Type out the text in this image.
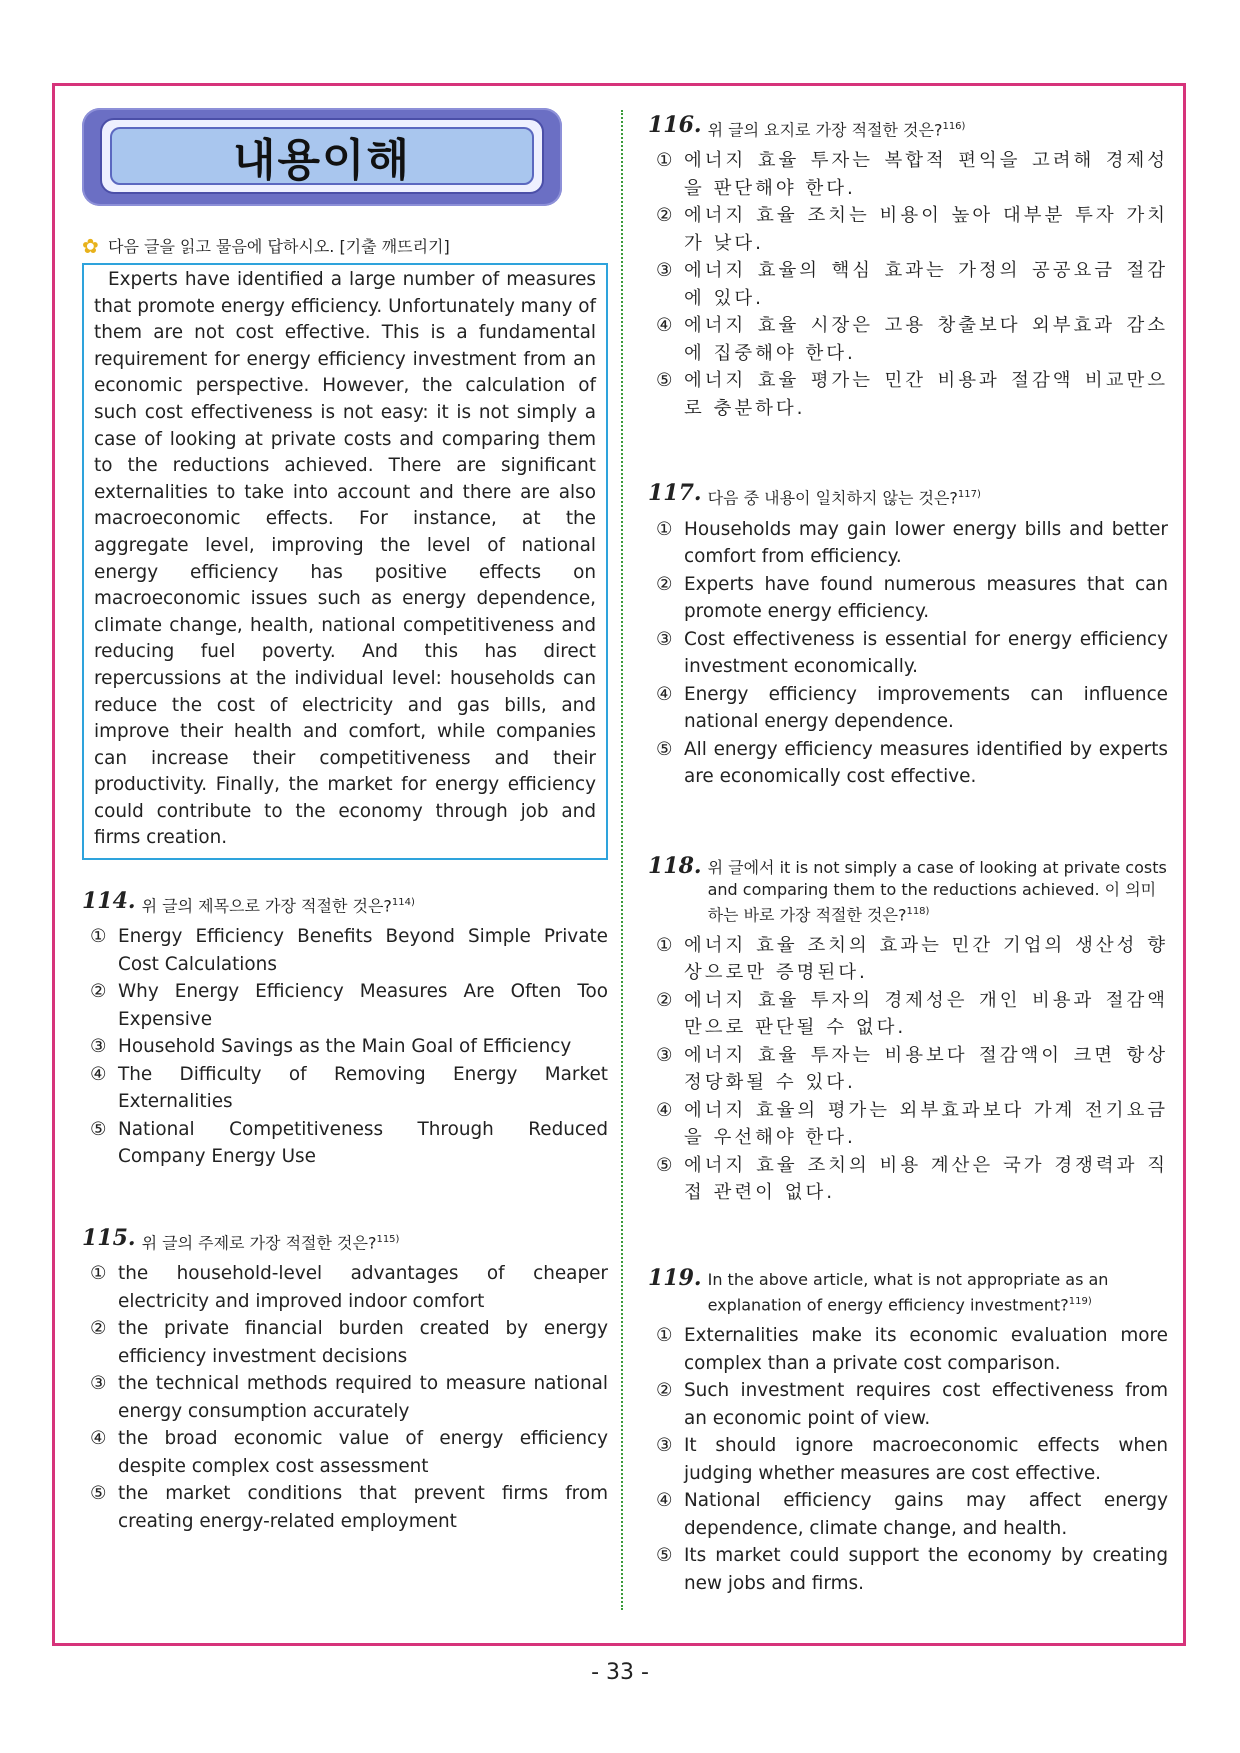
내용이해
✿ 다음 글을 읽고 물음에 답하시오. [기출 깨뜨리기]
Experts have identified a large number of measures that promote energy efficiency. Unfortunately many of them are not cost effective. This is a fundamental requirement for energy efficiency investment from an economic perspective. However, the calculation of such cost effectiveness is not easy: it is not simply a case of looking at private costs and comparing them to the reductions achieved. There are significant externalities to take into account and there are also macroeconomic effects. For instance, at the aggregate level, improving the level of national energy efficiency has positive effects on macroeconomic issues such as energy dependence, climate change, health, national competitiveness and reducing fuel poverty. And this has direct repercussions at the individual level: households can reduce the cost of electricity and gas bills, and improve their health and comfort, while companies can increase their competitiveness and their productivity. Finally, the market for energy efficiency could contribute to the economy through job and firms creation.
114. 위 글의 제목으로 가장 적절한 것은?$^{114)}$
① Energy Efficiency Benefits Beyond Simple Private Cost Calculations
② Why Energy Efficiency Measures Are Often Too Expensive
③ Household Savings as the Main Goal of Efficiency
④ The Difficulty of Removing Energy Market Externalities
⑤ National Competitiveness Through Reduced Company Energy Use
115. 위 글의 주제로 가장 적절한 것은?$^{115)}$
① the household-level advantages of cheaper electricity and improved indoor comfort
② the private financial burden created by energy efficiency investment decisions
③ the technical methods required to measure national energy consumption accurately
④ the broad economic value of energy efficiency despite complex cost assessment
⑤ the market conditions that prevent firms from creating energy-related employment
116. 위 글의 요지로 가장 적절한 것은?$^{116)}$
① 에너지 효율 투자는 복합적 편익을 고려해 경제성을 판단해야 한다.
② 에너지 효율 조치는 비용이 높아 대부분 투자 가치가 낮다.
③ 에너지 효율의 핵심 효과는 가정의 공공요금 절감에 있다.
④ 에너지 효율 시장은 고용 창출보다 외부효과 감소에 집중해야 한다.
⑤ 에너지 효율 평가는 민간 비용과 절감액 비교만으로 충분하다.
117. 다음 중 내용이 일치하지 않는 것은?$^{117)}$
① Households may gain lower energy bills and better comfort from efficiency.
② Experts have found numerous measures that can promote energy efficiency.
③ Cost effectiveness is essential for energy efficiency investment economically.
④ Energy efficiency improvements can influence national energy dependence.
⑤ All energy efficiency measures identified by experts are economically cost effective.
118. 위 글에서 it is not simply a case of looking at private costs and comparing them to the reductions achieved. 이 의미하는 바로 가장 적절한 것은?$^{118)}$
① 에너지 효율 조치의 효과는 민간 기업의 생산성 향상으로만 증명된다.
② 에너지 효율 투자의 경제성은 개인 비용과 절감액만으로 판단될 수 없다.
③ 에너지 효율 투자는 비용보다 절감액이 크면 항상 정당화될 수 있다.
④ 에너지 효율의 평가는 외부효과보다 가계 전기요금을 우선해야 한다.
⑤ 에너지 효율 조치의 비용 계산은 국가 경쟁력과 직접 관련이 없다.
119. In the above article, what is not appropriate as an explanation of energy efficiency investment?$^{119)}$
① Externalities make its economic evaluation more complex than a private cost comparison.
② Such investment requires cost effectiveness from an economic point of view.
③ It should ignore macroeconomic effects when judging whether measures are cost effective.
④ National efficiency gains may affect energy dependence, climate change, and health.
⑤ Its market could support the economy by creating new jobs and firms.
- 33 -
